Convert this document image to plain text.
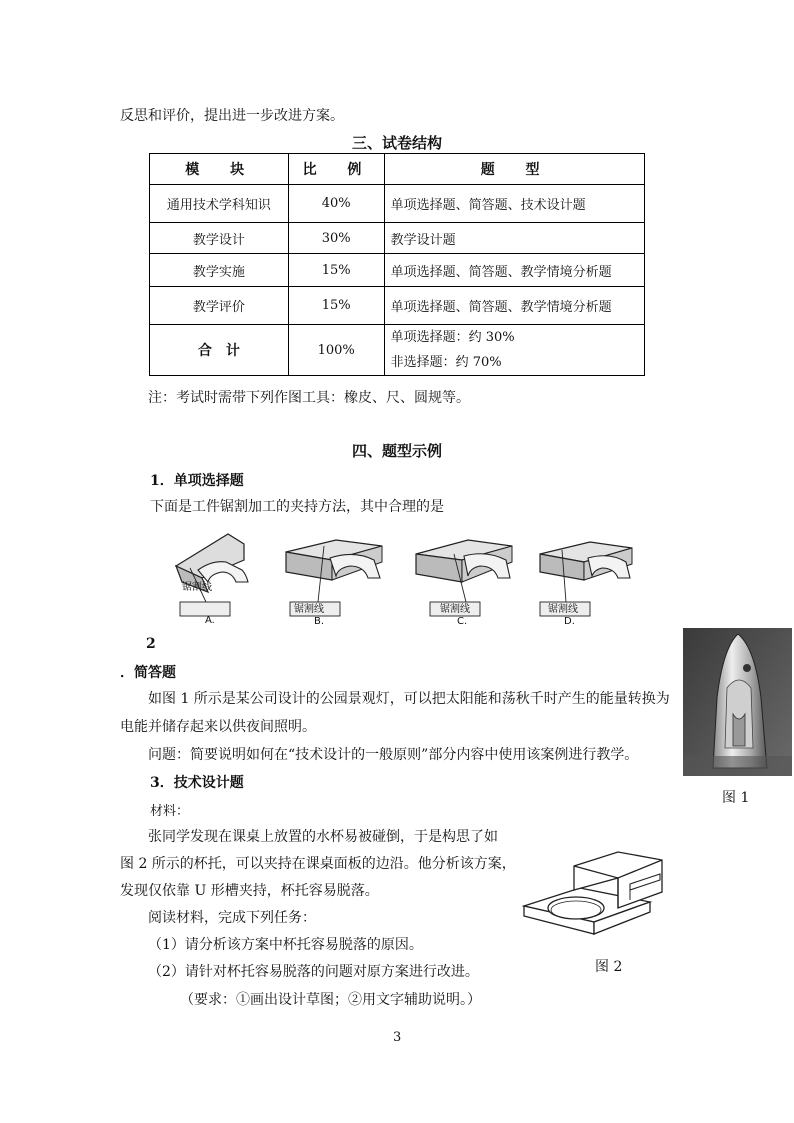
反思和评价，提出进一步改进方案。
三、试卷结构
模　块	比　例	题　型
通用技术学科知识	40%	单项选择题、简答题、技术设计题
教学设计	30%	教学设计题
教学实施	15%	单项选择题、简答题、教学情境分析题
教学评价	15%	单项选择题、简答题、教学情境分析题
合　计	100%	单项选择题：约 30%
非选择题：约 70%
注：考试时需带下列作图工具：橡皮、尺、圆规等。
四、题型示例
1．单项选择题
下面是工件锯割加工的夹持方法，其中合理的是
锯割线
A.
锯割线
B.
锯割线
C.
锯割线
D.
2
．简答题
如图 1 所示是某公司设计的公园景观灯，可以把太阳能和荡秋千时产生的能量转换为
电能并储存起来以供夜间照明。
问题：简要说明如何在“技术设计的一般原则”部分内容中使用该案例进行教学。
图 1
3．技术设计题
材料：
张同学发现在课桌上放置的水杯易被碰倒，于是构思了如
图 2 所示的杯托，可以夹持在课桌面板的边沿。他分析该方案，
发现仅依靠 U 形槽夹持，杯托容易脱落。
阅读材料，完成下列任务：
（1）请分析该方案中杯托容易脱落的原因。
（2）请针对杯托容易脱落的问题对原方案进行改进。
（要求：①画出设计草图；②用文字辅助说明。）
图 2
3
